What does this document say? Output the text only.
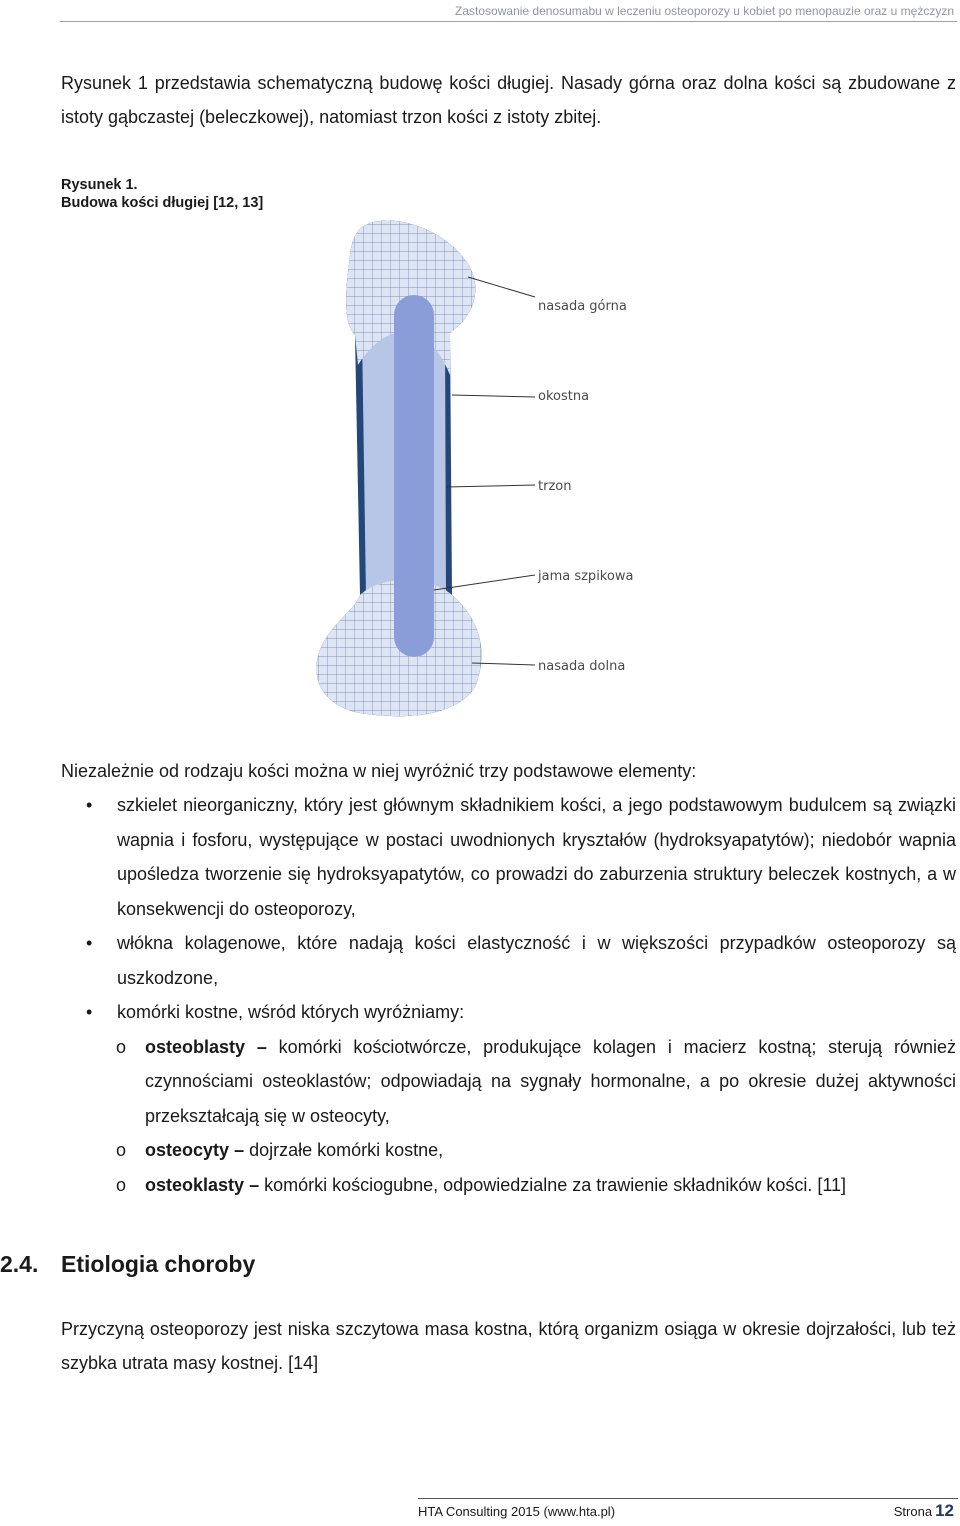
Zastosowanie denosumabu w leczeniu osteoporozy u kobiet po menopauzie oraz u mężczyzn
Rysunek 1 przedstawia schematyczną budowę kości długiej. Nasady górna oraz dolna kości są zbudowane z istoty gąbczastej (beleczkowej), natomiast trzon kości z istoty zbitej.
Rysunek 1.
Budowa kości długiej [12, 13]
nasada górna
okostna
trzon
jama szpikowa
nasada dolna
Niezależnie od rodzaju kości można w niej wyróżnić trzy podstawowe elementy:
• szkielet nieorganiczny, który jest głównym składnikiem kości, a jego podstawowym budulcem są związki wapnia i fosforu, występujące w postaci uwodnionych kryształów (hydroksyapatytów); niedobór wapnia upośledza tworzenie się hydroksyapatytów, co prowadzi do zaburzenia struktury beleczek kostnych, a w konsekwencji do osteoporozy,
• włókna kolagenowe, które nadają kości elastyczność i w większości przypadków osteoporozy są uszkodzone,
• komórki kostne, wśród których wyróżniamy:
o osteoblasty – komórki kościotwórcze, produkujące kolagen i macierz kostną; sterują również czynnościami osteoklastów; odpowiadają na sygnały hormonalne, a po okresie dużej aktywności przekształcają się w osteocyty,
o osteocyty – dojrzałe komórki kostne,
o osteoklasty – komórki kościogubne, odpowiedzialne za trawienie składników kości. [11]
2.4. Etiologia choroby
Przyczyną osteoporozy jest niska szczytowa masa kostna, którą organizm osiąga w okresie dojrzałości, lub też szybka utrata masy kostnej. [14]
HTA Consulting 2015 (www.hta.pl)	Strona 12
